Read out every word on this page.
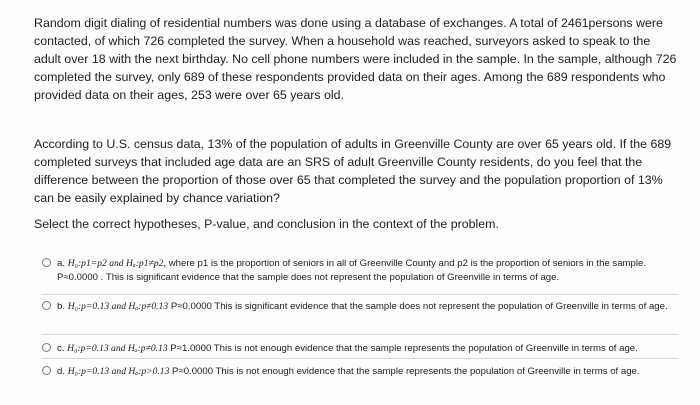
Random digit dialing of residential numbers was done using a database of exchanges. A total of 2461persons were contacted, of which 726 completed the survey. When a household was reached, surveyors asked to speak to the adult over 18 with the next birthday. No cell phone numbers were included in the sample. In the sample, although 726 completed the survey, only 689 of these respondents provided data on their ages. Among the 689 respondents who provided data on their ages, 253 were over 65 years old.
According to U.S. census data, 13% of the population of adults in Greenville County are over 65 years old. If the 689 completed surveys that included age data are an SRS of adult Greenville County residents, do you feel that the difference between the proportion of those over 65 that completed the survey and the population proportion of 13% can be easily explained by chance variation?
Select the correct hypotheses, P-value, and conclusion in the context of the problem.
a. H₀:p1=p2 and Hₐ:p1≠p2, where p1 is the proportion of seniors in all of Greenville County and p2 is the proportion of seniors in the sample. P≈0.0000 . This is significant evidence that the sample does not represent the population of Greenville in terms of age.
b. H₀:p=0.13 and Hₐ:p≠0.13 P≈0.0000 This is significant evidence that the sample does not represent the population of Greenville in terms of age.
c. H₀:p=0.13 and Hₐ:p≠0.13 P≈1.0000 This is not enough evidence that the sample represents the population of Greenville in terms of age.
d. H₀:p=0.13 and Hₐ:p>0.13 P≈0.0000 This is not enough evidence that the sample represents the population of Greenville in terms of age.
